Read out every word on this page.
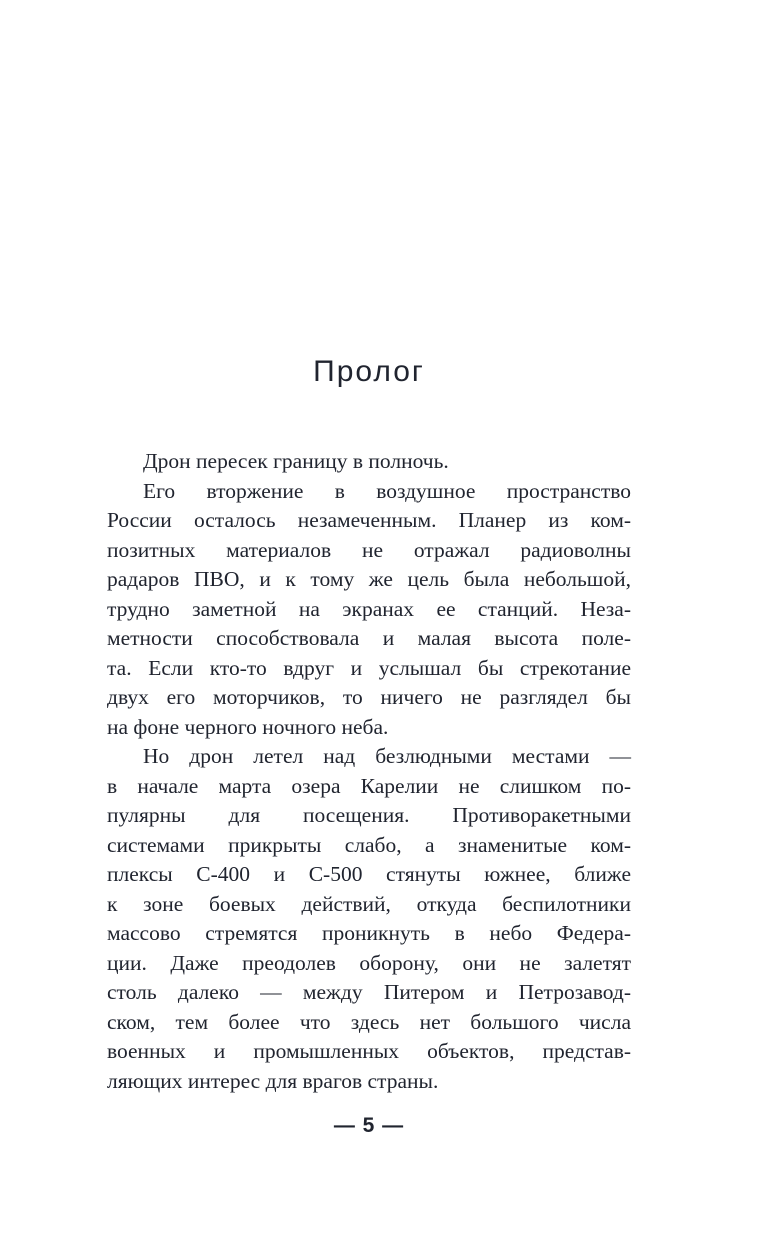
Пролог
Дрон пересек границу в полночь.
Его вторжение в воздушное пространство
России осталось незамеченным. Планер из ком-
позитных материалов не отражал радиоволны
радаров ПВО, и к тому же цель была небольшой,
трудно заметной на экранах ее станций. Неза-
метности способствовала и малая высота поле-
та. Если кто-то вдруг и услышал бы стрекотание
двух его моторчиков, то ничего не разглядел бы
на фоне черного ночного неба.
Но дрон летел над безлюдными местами —
в начале марта озера Карелии не слишком по-
пулярны для посещения. Противоракетными
системами прикрыты слабо, а знаменитые ком-
плексы С-400 и С-500 стянуты южнее, ближе
к зоне боевых действий, откуда беспилотники
массово стремятся проникнуть в небо Федера-
ции. Даже преодолев оборону, они не залетят
столь далеко — между Питером и Петрозавод-
ском, тем более что здесь нет большого числа
военных и промышленных объектов, представ-
ляющих интерес для врагов страны.
— 5 —
